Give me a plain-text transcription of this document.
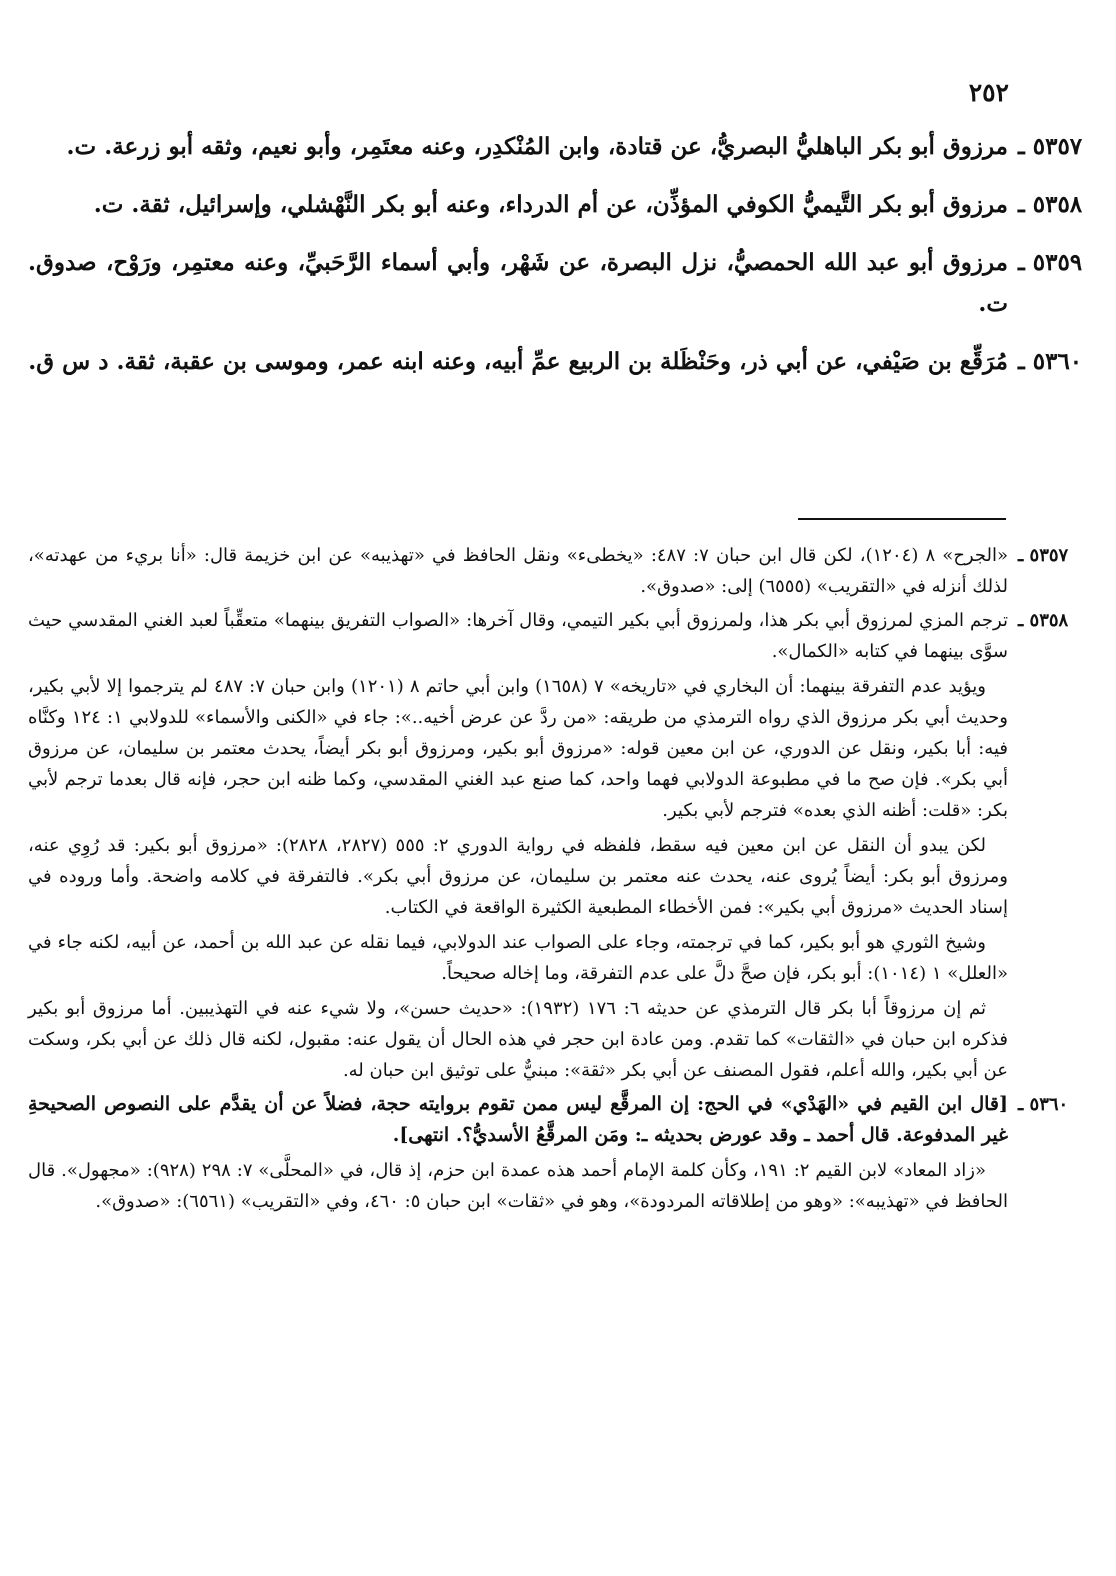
٢٥٢
٥٣٥٧ ـ
مرزوق أبو بكر الباهليُّ البصريُّ، عن قتادة، وابن المُنْكدِر، وعنه معتَمِر، وأبو نعيم، وثقه أبو زرعة. ت.
٥٣٥٨ ـ
مرزوق أبو بكر التَّيميُّ الكوفي المؤذِّن، عن أم الدرداء، وعنه أبو بكر النَّهْشلي، وإسرائيل، ثقة. ت.
٥٣٥٩ ـ
مرزوق أبو عبد الله الحمصيُّ، نزل البصرة، عن شَهْر، وأبي أسماء الرَّحَبيِّ، وعنه معتمِر، ورَوْح، صدوق. ت.
٥٣٦٠ ـ
مُرَقِّع بن صَيْفي، عن أبي ذر، وحَنْظَلة بن الربيع عمِّ أبيه، وعنه ابنه عمر، وموسى بن عقبة، ثقة. د س ق.
٥٣٥٧ ـ

«الجرح» ٨ (١٢٠٤)، لكن قال ابن حبان ٧: ٤٨٧: «يخطىء» ونقل الحافظ في «تهذيبه» عن ابن خزيمة قال: «أنا بريء من عهدته»، لذلك أنزله في «التقريب» (٦٥٥٥) إلى: «صدوق».

٥٣٥٨ ـ

ترجم المزي لمرزوق أبي بكر هذا، ولمرزوق أبي بكير التيمي، وقال آخرها: «الصواب التفريق بينهما» متعقِّباً لعبد الغني المقدسي حيث سوَّى بينهما في كتابه «الكمال».

ويؤيد عدم التفرقة بينهما: أن البخاري في «تاريخه» ٧ (١٦٥٨) وابن أبي حاتم ٨ (١٢٠١) وابن حبان ٧: ٤٨٧ لم يترجموا إلا لأبي بكير، وحديث أبي بكر مرزوق الذي رواه الترمذي من طريقه: «من ردَّ عن عرض أخيه..»: جاء في «الكنى والأسماء» للدولابي ١: ١٢٤ وكنَّاه فيه: أبا بكير، ونقل عن الدوري، عن ابن معين قوله: «مرزوق أبو بكير، ومرزوق أبو بكر أيضاً، يحدث معتمر بن سليمان، عن مرزوق أبي بكر». فإن صح ما في مطبوعة الدولابي فهما واحد، كما صنع عبد الغني المقدسي، وكما ظنه ابن حجر، فإنه قال بعدما ترجم لأبي بكر: «قلت: أظنه الذي بعده» فترجم لأبي بكير.

لكن يبدو أن النقل عن ابن معين فيه سقط، فلفظه في رواية الدوري ٢: ٥٥٥ (٢٨٢٧، ٢٨٢٨): «مرزوق أبو بكير: قد رُوِي عنه، ومرزوق أبو بكر: أيضاً يُروى عنه، يحدث عنه معتمر بن سليمان، عن مرزوق أبي بكر». فالتفرقة في كلامه واضحة. وأما وروده في إسناد الحديث «مرزوق أبي بكير»: فمن الأخطاء المطبعية الكثيرة الواقعة في الكتاب.

وشيخ الثوري هو أبو بكير، كما في ترجمته، وجاء على الصواب عند الدولابي، فيما نقله عن عبد الله بن أحمد، عن أبيه، لكنه جاء في «العلل» ١ (١٠١٤): أبو بكر، فإن صحَّ دلَّ على عدم التفرقة، وما إخاله صحيحاً.

ثم إن مرزوقاً أبا بكر قال الترمذي عن حديثه ٦: ١٧٦ (١٩٣٢): «حديث حسن»، ولا شيء عنه في التهذيبين. أما مرزوق أبو بكير فذكره ابن حبان في «الثقات» كما تقدم. ومن عادة ابن حجر في هذه الحال أن يقول عنه: مقبول، لكنه قال ذلك عن أبي بكر، وسكت عن أبي بكير، والله أعلم، فقول المصنف عن أبي بكر «ثقة»: مبنيٌّ على توثيق ابن حبان له.

٥٣٦٠ ـ

[قال ابن القيم في «الهَدْي» في الحج: إن المرقَّع ليس ممن تقوم بروايته حجة، فضلاً عن أن يقدَّم على النصوص الصحيحةِ غير المدفوعة. قال أحمد ـ وقد عورض بحديثه ـ: ومَن المرقَّعُ الأسديُّ؟. انتهى].

«زاد المعاد» لابن القيم ٢: ١٩١، وكأن كلمة الإمام أحمد هذه عمدة ابن حزم، إذ قال، في «المحلَّى» ٧: ٢٩٨ (٩٢٨): «مجهول». قال الحافظ في «تهذيبه»: «وهو من إطلاقاته المردودة»، وهو في «ثقات» ابن حبان ٥: ٤٦٠، وفي «التقريب» (٦٥٦١): «صدوق».
